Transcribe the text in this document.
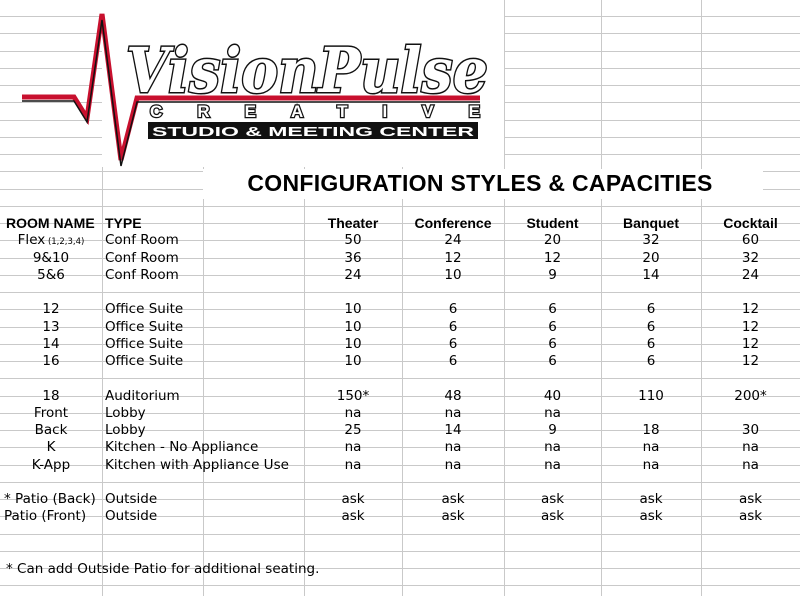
VisionPulse
CREATIVE
STUDIO & MEETING CENTER
CONFIGURATION STYLES & CAPACITIES
ROOM NAME TYPE	Theater	Conference	Student	Banquet	Cocktail
Flex (1,2,3,4)	Conf Room	50	24	20	32	60
9&10	Conf Room	36	12	12	20	32
5&6	Conf Room	24	10	9	14	24
12	Office Suite	10	6	6	6	12
13	Office Suite	10	6	6	6	12
14	Office Suite	10	6	6	6	12
16	Office Suite	10	6	6	6	12
18	Auditorium	150*	48	40	110	200*
Front	Lobby	na	na	na
Back	Lobby	25	14	9	18	30
K	Kitchen - No Appliance	na	na	na	na	na
K-App	Kitchen with Appliance Use	na	na	na	na	na
* Patio (Back) Outside	ask	ask	ask	ask	ask
Patio (Front)	Outside	ask	ask	ask	ask	ask
* Can add Outside Patio for additional seating.
